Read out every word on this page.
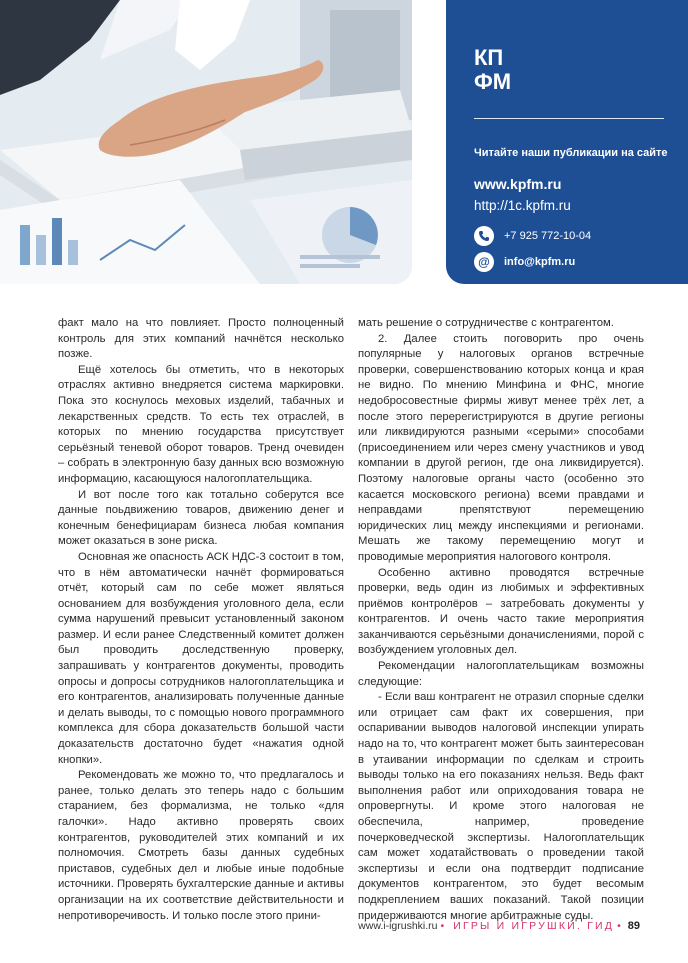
КП
ФМ
Читайте наши публикации на сайте
www.kpfm.ru
http://1c.kpfm.ru
+7 925 772-10-04
@	info@kpfm.ru

факт мало на что повлияет. Просто полноценный контроль для этих компаний начнётся несколько позже.

Ещё хотелось бы отметить, что в некоторых отраслях активно внедряется система маркировки. Пока это коснулось меховых изделий, табачных и лекарственных средств. То есть тех отраслей, в которых по мнению государства присутствует серьёзный теневой оборот товаров. Тренд очевиден – собрать в электронную базу данных всю возможную информацию, касающуюся налогоплательщика.

И вот после того как тотально соберутся все данные поьдвижению товаров, движению денег и конечным бенефициарам бизнеса любая компания может оказаться в зоне риска.

Основная же опасность АСК НДС-3 состоит в том, что в нём автоматически начнёт формироваться отчёт, который сам по себе может являться основанием для возбуждения уголовного дела, если сумма нарушений превысит установленный законом размер. И если ранее Следственный комитет должен был проводить доследственную проверку, запрашивать у контрагентов документы, проводить опросы и допросы сотрудников налогоплательщика и его контрагентов, анализировать полученные данные и делать выводы, то с помощью нового программного комплекса для сбора доказательств большой части доказательств достаточно будет «нажатия одной кнопки».

Рекомендовать же можно то, что предлагалось и ранее, только делать это теперь надо с большим старанием, без формализма, не только «для галочки». Надо активно проверять своих контрагентов, руководителей этих компаний и их полномочия. Смотреть базы данных судебных приставов, судебных дел и любые иные подобные источники. Проверять бухгалтерские данные и активы организации на их соответствие действительности и непротиворечивость. И только после этого прини-

мать решение о сотрудничестве с контрагентом.

2. Далее стоить поговорить про очень популярные у налоговых органов встречные проверки, совершенствованию которых конца и края не видно. По мнению Минфина и ФНС, многие недобросовестные фирмы живут менее трёх лет, а после этого перерегистрируются в другие регионы или ликвидируются разными «серыми» способами (присоединением или через смену участников и увод компании в другой регион, где она ликвидируется). Поэтому налоговые органы часто (особенно это касается московского региона) всеми правдами и неправдами препятствуют перемещению юридических лиц между инспекциями и регионами. Мешать же такому перемещению могут и проводимые мероприятия налогового контроля.

Особенно активно проводятся встречные проверки, ведь один из любимых и эффективных приёмов контролёров – затребовать документы у контрагентов. И очень часто такие мероприятия заканчиваются серьёзными доначислениями, порой с возбуждением уголовных дел.

Рекомендации налогоплательщикам возможны следующие:

- Если ваш контрагент не отразил спорные сделки или отрицает сам факт их совершения, при оспаривании выводов налоговой инспекции упирать надо на то, что контрагент может быть заинтересован в утаивании информации по сделкам и строить выводы только на его показаниях нельзя. Ведь факт выполнения работ или оприходования товара не опровергнуты. И кроме этого налоговая не обеспечила, например, проведение почерковедческой экспертизы. Налогоплательщик сам может ходатайствовать о проведении такой экспертизы и если она подтвердит подписание документов контрагентом, это будет весомым подкреплением ваших показаний. Такой позиции придерживаются многие арбитражные суды.

www.i-igrushki.ru • ИГРЫ И ИГРУШКИ. ГИД • 89
